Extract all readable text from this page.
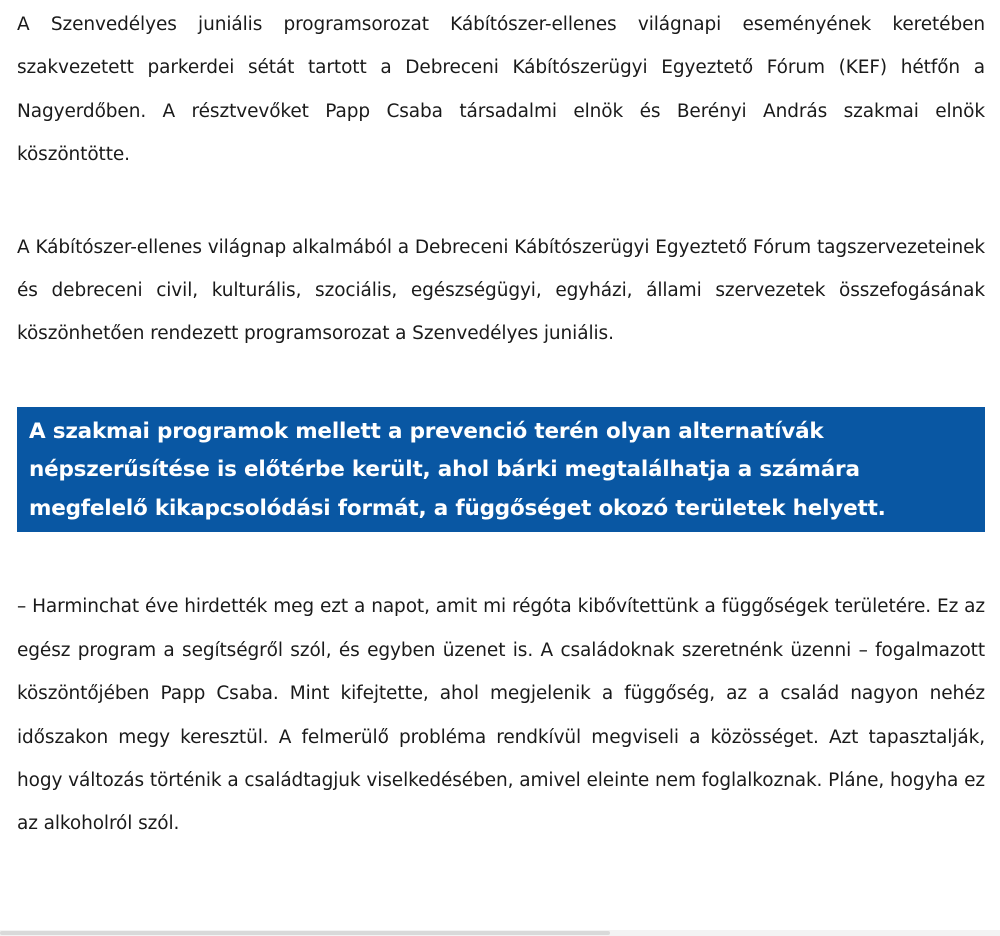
A Szenvedélyes juniális programsorozat Kábítószer-ellenes világnapi eseményének keretében szakvezetett parkerdei sétát tartott a Debreceni Kábítószerügyi Egyeztető Fórum (KEF) hétfőn a Nagyerdőben. A résztvevőket Papp Csaba társadalmi elnök és Berényi András szakmai elnök köszöntötte.

A Kábítószer-ellenes világnap alkalmából a Debreceni Kábítószerügyi Egyeztető Fórum tagszervezeteinek és debreceni civil, kulturális, szociális, egészségügyi, egyházi, állami szervezetek összefogásának köszönhetően rendezett programsorozat a Szenvedélyes juniális.

A szakmai programok mellett a prevenció terén olyan alternatívák népszerűsítése is előtérbe került, ahol bárki megtalálhatja a számára megfelelő kikapcsolódási formát, a függőséget okozó területek helyett.

– Harminchat éve hirdették meg ezt a napot, amit mi régóta kibővítettünk a függőségek területére. Ez az egész program a segítségről szól, és egyben üzenet is. A családoknak szeretnénk üzenni – fogalmazott köszöntőjében Papp Csaba. Mint kifejtette, ahol megjelenik a függőség, az a család nagyon nehéz időszakon megy keresztül. A felmerülő probléma rendkívül megviseli a közösséget. Azt tapasztalják, hogy változás történik a családtagjuk viselkedésében, amivel eleinte nem foglalkoznak. Pláne, hogyha ez az alkoholról szól.
